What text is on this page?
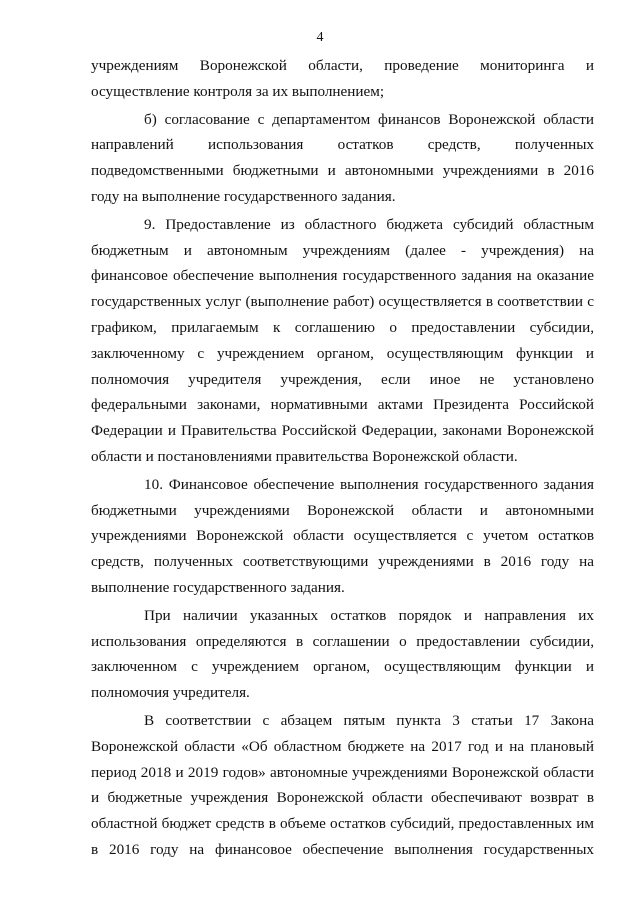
4

учреждениям Воронежской области, проведение мониторинга и осуществление контроля за их выполнением;

б) согласование с департаментом финансов Воронежской области направлений использования остатков средств, полученных подведомственными бюджетными и автономными учреждениями в 2016 году на выполнение государственного задания.

9. Предоставление из областного бюджета субсидий областным бюджетным и автономным учреждениям (далее - учреждения) на финансовое обеспечение выполнения государственного задания на оказание государственных услуг (выполнение работ) осуществляется в соответствии с графиком, прилагаемым к соглашению о предоставлении субсидии, заключенному с учреждением органом, осуществляющим функции и полномочия учредителя учреждения, если иное не установлено федеральными законами, нормативными актами Президента Российской Федерации и Правительства Российской Федерации, законами Воронежской области и постановлениями правительства Воронежской области.

10. Финансовое обеспечение выполнения государственного задания бюджетными учреждениями Воронежской области и автономными учреждениями Воронежской области осуществляется с учетом остатков средств, полученных соответствующими учреждениями в 2016 году на выполнение государственного задания.

При наличии указанных остатков порядок и направления их использования определяются в соглашении о предоставлении субсидии, заключенном с учреждением органом, осуществляющим функции и полномочия учредителя.

В соответствии с абзацем пятым пункта 3 статьи 17 Закона Воронежской области «Об областном бюджете на 2017 год и на плановый период 2018 и 2019 годов» автономные учреждениями Воронежской области и бюджетные учреждения Воронежской области обеспечивают возврат в областной бюджет средств в объеме остатков субсидий, предоставленных им в 2016 году на финансовое обеспечение выполнения государственных
